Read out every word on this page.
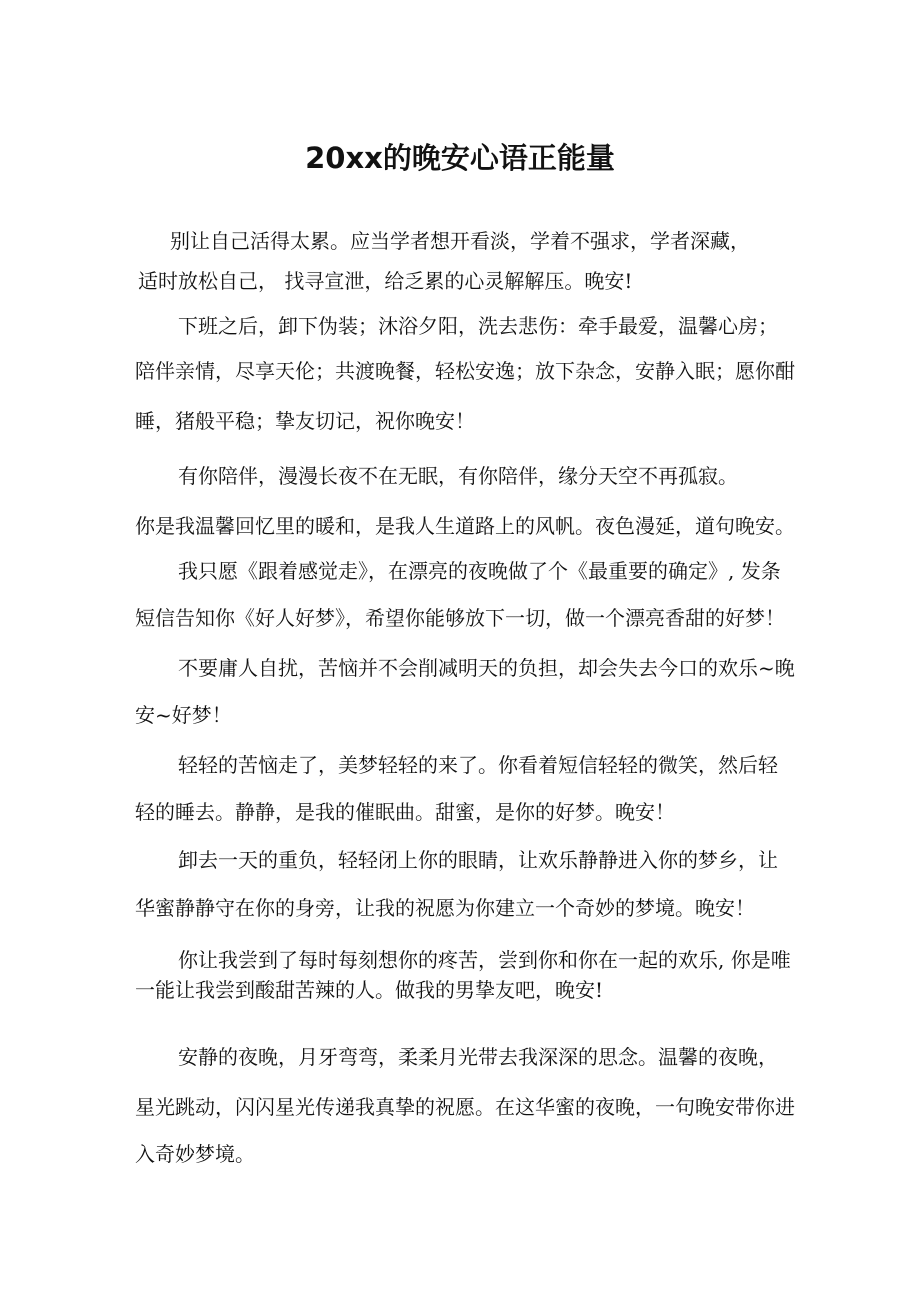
20xx的晚安心语正能量
别让自己活得太累。应当学者想开看淡，学着不强求，学者深藏，
适时放松自己， 找寻宣泄，给乏累的心灵解解压。晚安!
下班之后，卸下伪装；沐浴夕阳，洗去悲伤：牵手最爱，温馨心房；
陪伴亲情，尽享天伦；共渡晚餐，轻松安逸；放下杂念，安静入眠；愿你酣
睡，猪般平稳；挚友切记，祝你晚安！
有你陪伴，漫漫长夜不在无眠，有你陪伴，缘分天空不再孤寂。
你是我温馨回忆里的暖和，是我人生道路上的风帆。夜色漫延，道句晚安。
我只愿《跟着感觉走》，在漂亮的夜晚做了个《最重要的确定》, 发条
短信告知你《好人好梦》，希望你能够放下一切，做一个漂亮香甜的好梦！
不要庸人自扰，苦恼并不会削减明天的负担，却会失去今口的欢乐~晚
安~好梦！
轻轻的苦恼走了，美梦轻轻的来了。你看着短信轻轻的微笑，然后轻
轻的睡去。静静，是我的催眠曲。甜蜜，是你的好梦。晚安！
卸去一天的重负，轻轻闭上你的眼睛，让欢乐静静进入你的梦乡，让
华蜜静静守在你的身旁，让我的祝愿为你建立一个奇妙的梦境。晚安！
你让我尝到了每时每刻想你的疼苦，尝到你和你在一起的欢乐, 你是唯
一能让我尝到酸甜苦辣的人。做我的男挚友吧，晚安!
安静的夜晚，月牙弯弯，柔柔月光带去我深深的思念。温馨的夜晚，
星光跳动，闪闪星光传递我真挚的祝愿。在这华蜜的夜晚，一句晚安带你进
入奇妙梦境。
